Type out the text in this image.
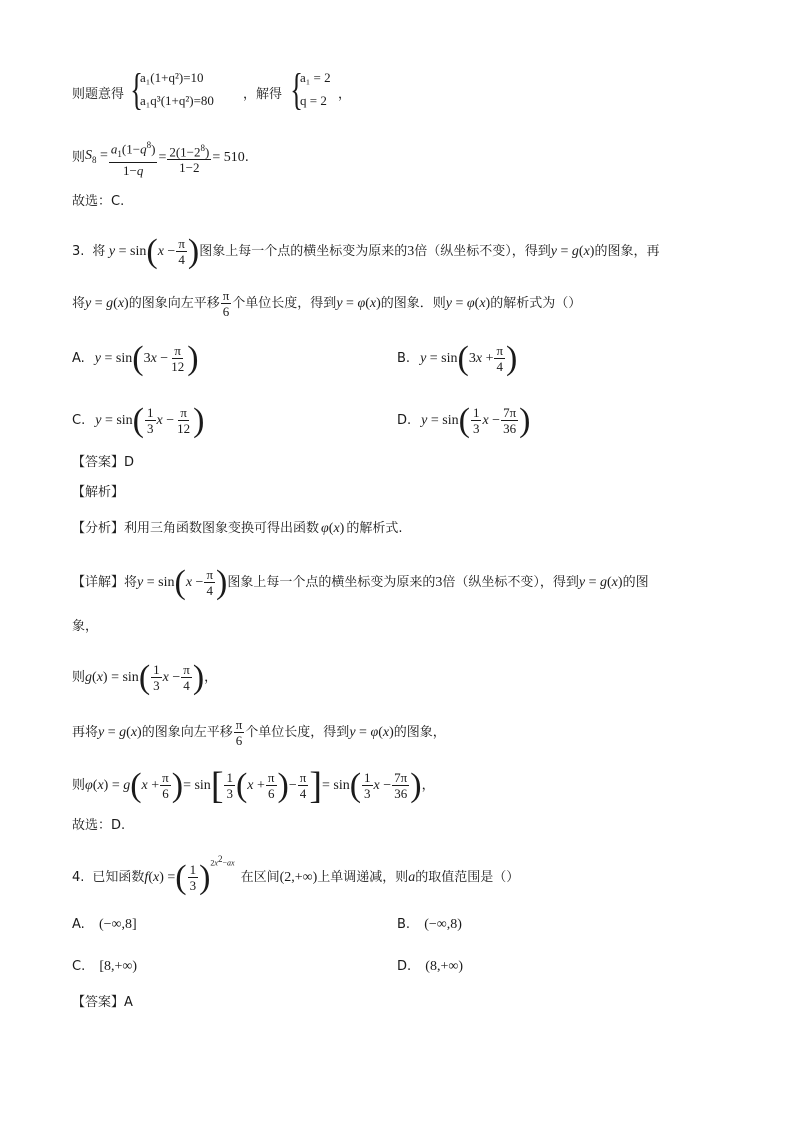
则题意得 {
a₁(1+q²)=10
a₁q³(1+q²)=80 ，解得 {
a₁ = 2
q = 2 ，
则 $S_8 = \frac{a_1(1-q^8)}{1-q} = \frac{2(1-2^8)}{1-2} = 510$ .
故选：C.
3. 将 y = sin ( $x - \frac{\pi}{4}$ ) 图象上每一个点的横坐标变为原来的 3 倍（纵坐标不变），得到 y = g(x) 的图象，再
将 y = g(x) 的图象向左平移 $\frac{\pi}{6}$ 个单位长度，得到 y = φ(x) 的图象．则 y = φ(x) 的解析式为（）
A. y = sin ( $3x - \frac{\pi}{12}$ )	B. y = sin ( $3x + \frac{\pi}{4}$ )
C. y = sin ( $\frac{1}{3}$ $x - \frac{\pi}{12}$ )	D. y = sin ( $\frac{1}{3}$ $x - \frac{7\pi}{36}$ )
【答案】D
【解析】
【分析】 利用三角函数图象变换可得出函数 φ(x) 的解析式.
【详解】 将 y = sin ( $x - \frac{\pi}{4}$ ) 图象上每一个点的横坐标变为原来的 3 倍（纵坐标不变），得到 y = g(x) 的图
象，
则 g(x) = sin ( $\frac{1}{3}$ $x - \frac{\pi}{4}$ ) ，
再将 y = g(x) 的图象向左平移 $\frac{\pi}{6}$ 个单位长度，得到 y = φ(x) 的图象，
则 φ(x) = g ( $x + \frac{\pi}{6}$ ) = sin [ $\frac{1}{3}$ ( $x + \frac{\pi}{6}$ ) − $\frac{\pi}{4}$ ] = sin ( $\frac{1}{3}$ $x - \frac{7\pi}{36}$ ) ，
故选：D.
4. 已知函数 f(x) = ( $\frac{1}{3}$ ) $2x^2-ax$
在区间 (2,+∞) 上单调递减，则 a 的取值范围是（）
A. (−∞,8]	B. (−∞,8)
C. [8,+∞)	D. (8,+∞)
【答案】A
